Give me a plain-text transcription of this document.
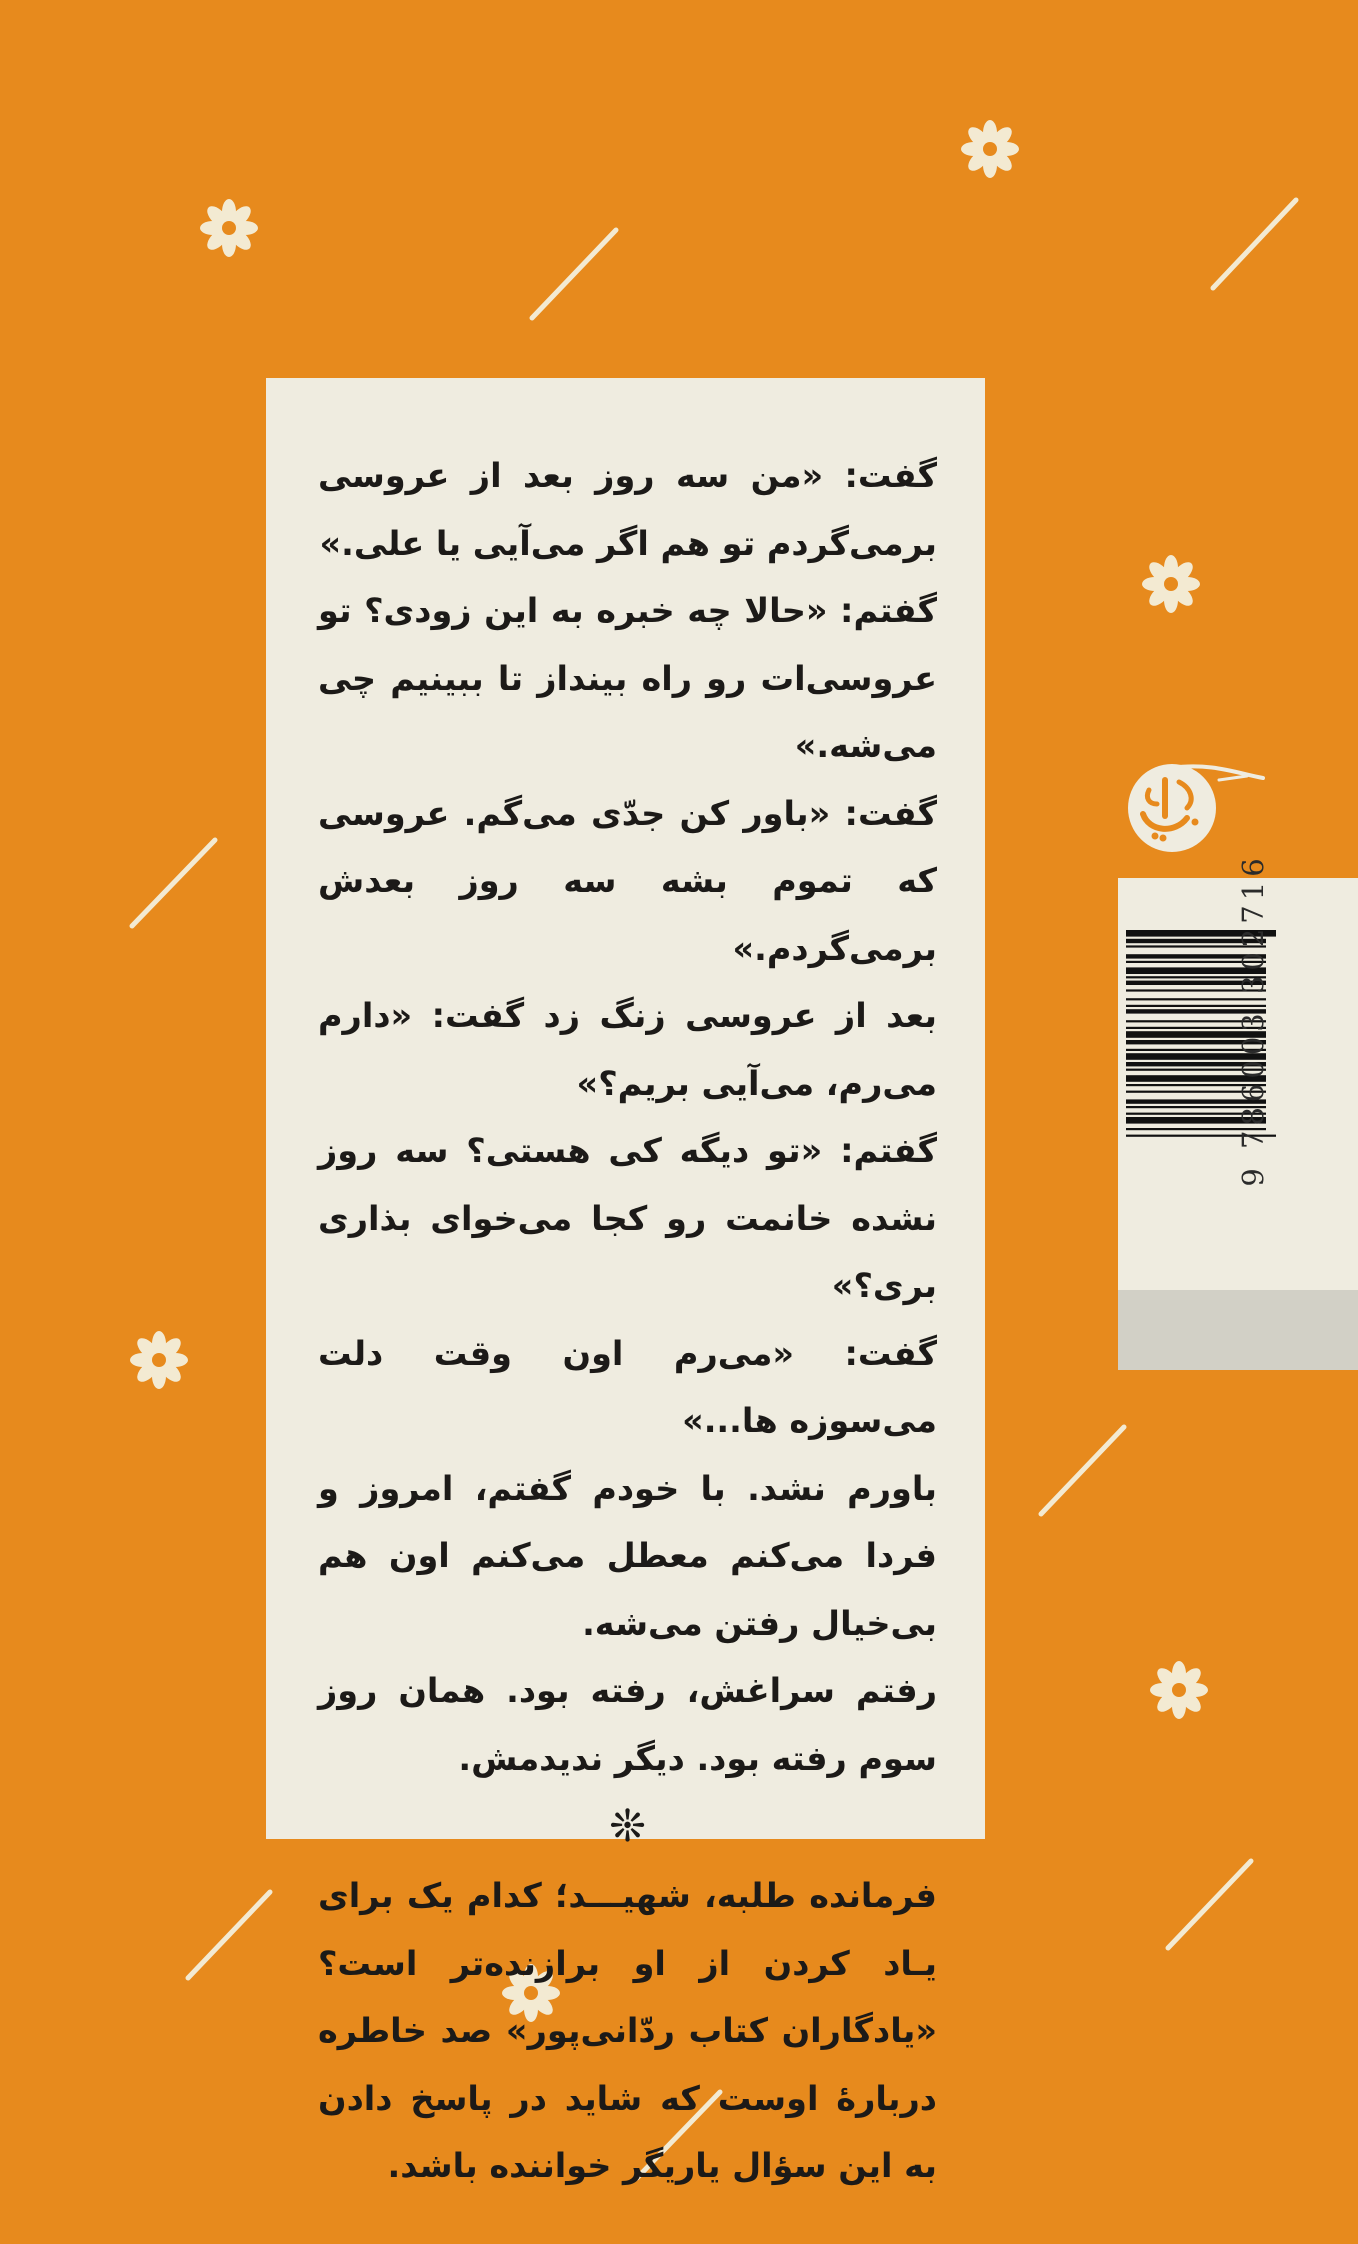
گفت: «من سه روز بعد از عروسی برمی‌گردم تو هم اگر می‌آیی یا علی.»

گفتم: «حالا چه خبره به این زودی؟ تو عروسی‌ات رو راه بینداز تا ببینیم چی می‌شه.»

گفت: «باور کن جدّی می‌گم. عروسی که تموم بشه سه روز بعدش برمی‌گردم.»

بعد از عروسی زنگ زد گفت: «دارم می‌رم، می‌آیی بریم؟»

گفتم: «تو دیگه کی هستی؟ سه روز نشده خانمت رو کجا می‌خوای بذاری بری؟»

گفت: «می‌رم اون وقت دلت می‌سوزه ها...»

باورم نشد. با خودم گفتم، امروز و فردا می‌کنم معطل می‌کنم اون هم بی‌خیال رفتن می‌شه.

رفتم سراغش، رفته بود. همان روز سوم رفته بود. دیگر ندیدمش.

❊

فرمانده طلبه، شهیـــد؛ کدام یک برای یـاد کردن از او برازنده‌تر است؟ «یادگاران کتاب ردّانی‌پور» صد خاطره دربارۀ اوست که شاید در پاسخ دادن به این سؤال یاریگر خواننده باشد.

9 786003 302716
